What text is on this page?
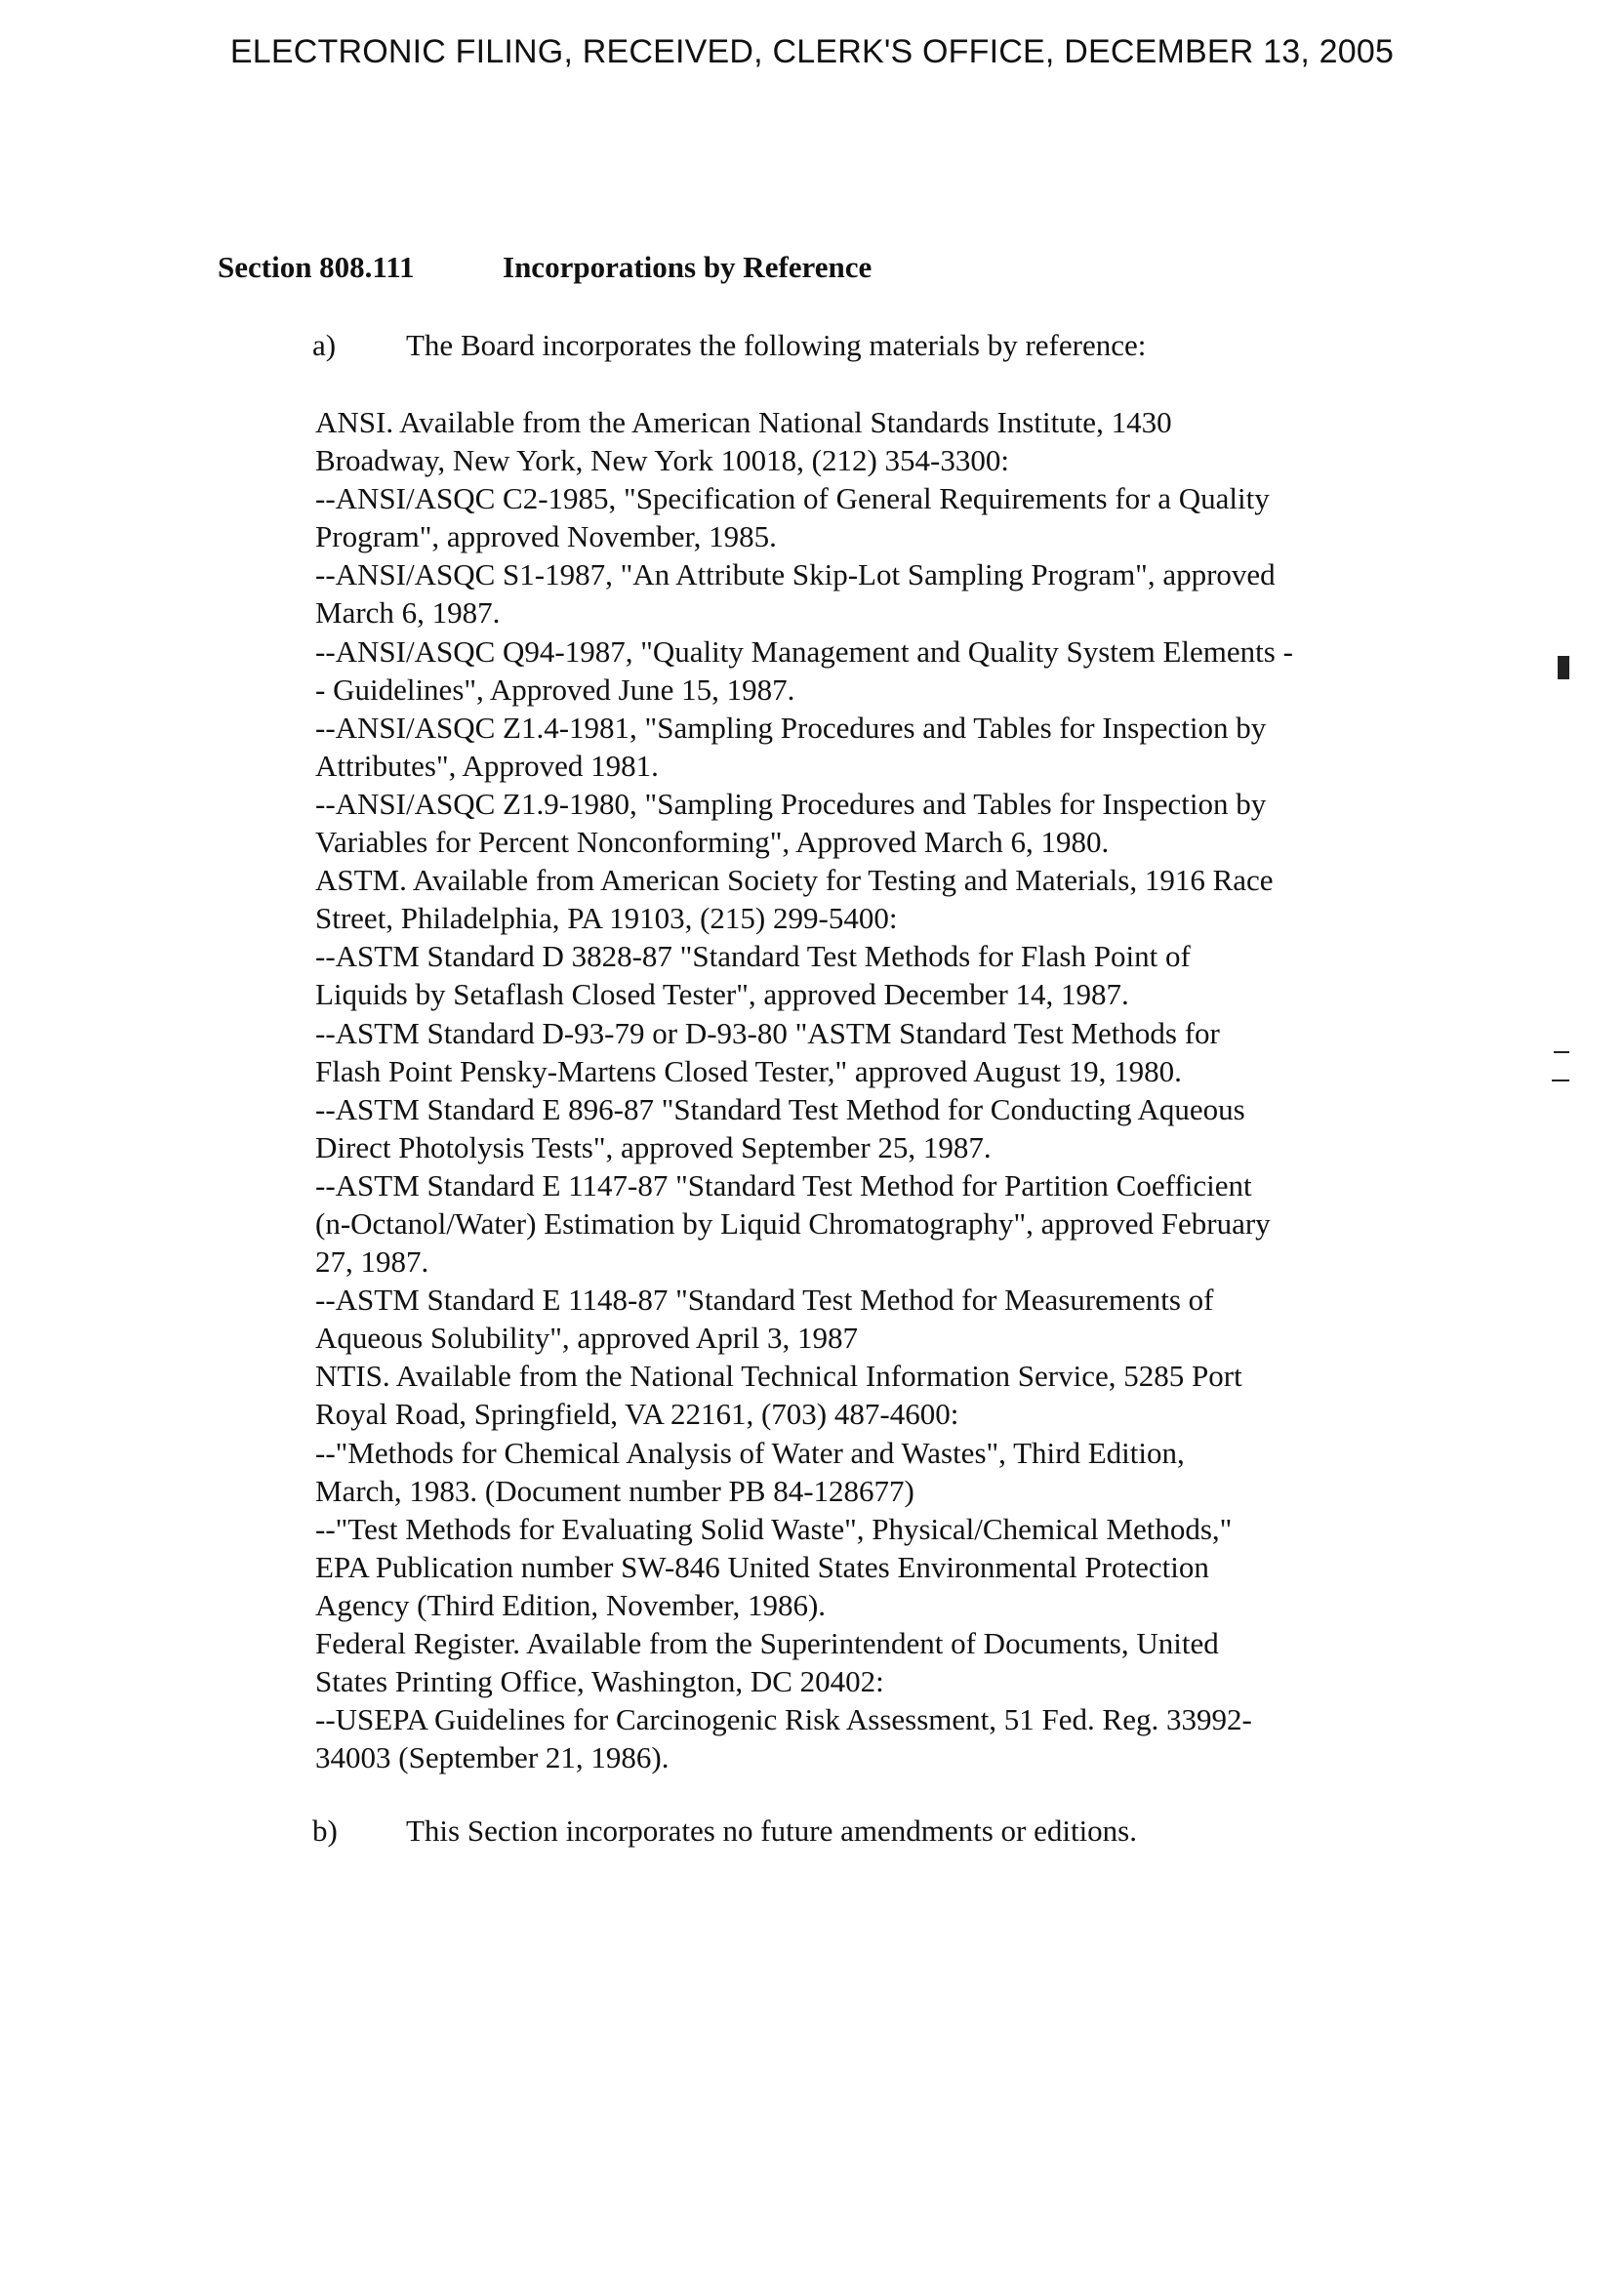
ELECTRONIC FILING, RECEIVED, CLERK'S OFFICE, DECEMBER 13, 2005
Section 808.111	Incorporations by Reference
a) The Board incorporates the following materials by reference:
ANSI. Available from the American National Standards Institute, 1430
Broadway, New York, New York 10018, (212) 354-3300:
--ANSI/ASQC C2-1985, "Specification of General Requirements for a Quality
Program", approved November, 1985.
--ANSI/ASQC S1-1987, "An Attribute Skip-Lot Sampling Program", approved
March 6, 1987.
--ANSI/ASQC Q94-1987, "Quality Management and Quality System Elements -
- Guidelines", Approved June 15, 1987.
--ANSI/ASQC Z1.4-1981, "Sampling Procedures and Tables for Inspection by
Attributes", Approved 1981.
--ANSI/ASQC Z1.9-1980, "Sampling Procedures and Tables for Inspection by
Variables for Percent Nonconforming", Approved March 6, 1980.
ASTM. Available from American Society for Testing and Materials, 1916 Race
Street, Philadelphia, PA 19103, (215) 299-5400:
--ASTM Standard D 3828-87 "Standard Test Methods for Flash Point of
Liquids by Setaflash Closed Tester", approved December 14, 1987.
--ASTM Standard D-93-79 or D-93-80 "ASTM Standard Test Methods for
Flash Point Pensky-Martens Closed Tester," approved August 19, 1980.
--ASTM Standard E 896-87 "Standard Test Method for Conducting Aqueous
Direct Photolysis Tests", approved September 25, 1987.
--ASTM Standard E 1147-87 "Standard Test Method for Partition Coefficient
(n-Octanol/Water) Estimation by Liquid Chromatography", approved February
27, 1987.
--ASTM Standard E 1148-87 "Standard Test Method for Measurements of
Aqueous Solubility", approved April 3, 1987
NTIS. Available from the National Technical Information Service, 5285 Port
Royal Road, Springfield, VA 22161, (703) 487-4600:
--"Methods for Chemical Analysis of Water and Wastes", Third Edition,
March, 1983. (Document number PB 84-128677)
--"Test Methods for Evaluating Solid Waste", Physical/Chemical Methods,"
EPA Publication number SW-846 United States Environmental Protection
Agency (Third Edition, November, 1986).
Federal Register. Available from the Superintendent of Documents, United
States Printing Office, Washington, DC 20402:
--USEPA Guidelines for Carcinogenic Risk Assessment, 51 Fed. Reg. 33992-
34003 (September 21, 1986).
b) This Section incorporates no future amendments or editions.
